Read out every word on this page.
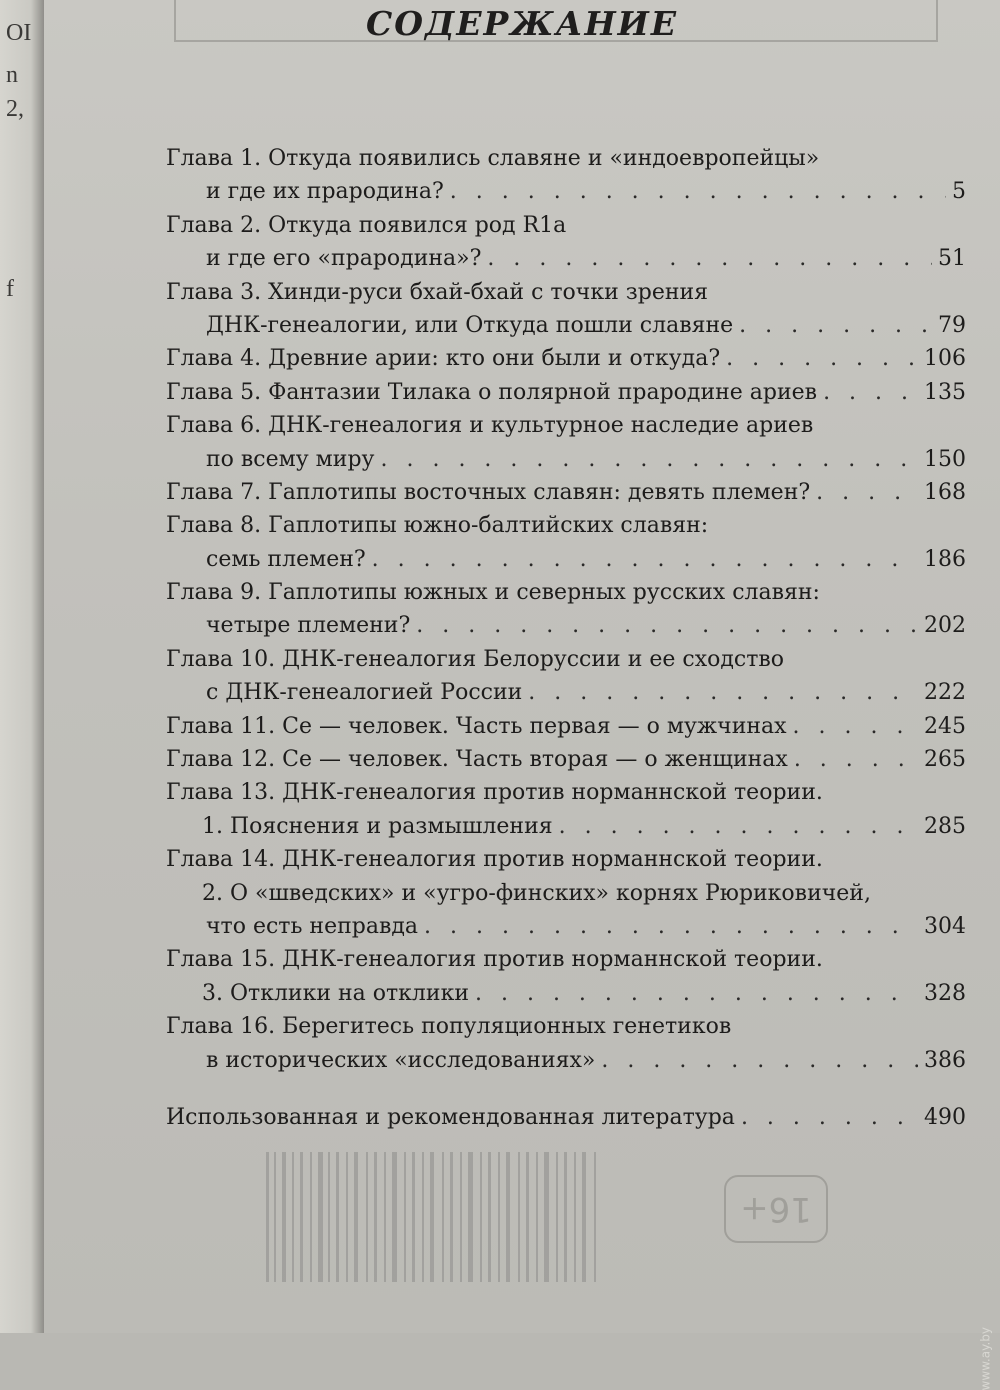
OI
n
2,
f
СОДЕРЖАНИЕ
Глава 1. Откуда появились славяне и «индоевропейцы»
и где их прародина? . . .	5
Глава 2. Откуда появился род R1a
и где его «прародина»? . . .	51
Глава 3. Хинди-руси бхай-бхай с точки зрения
ДНК-генеалогии, или Откуда пошли славяне . . .	79
Глава 4. Древние арии: кто они были и откуда? . . .	106
Глава 5. Фантазии Тилака о полярной прародине ариев . . .	135
Глава 6. ДНК-генеалогия и культурное наследие ариев
по всему миру . . .	150
Глава 7. Гаплотипы восточных славян: девять племен? . . .	168
Глава 8. Гаплотипы южно-балтийских славян:
семь племен? . . .	186
Глава 9. Гаплотипы южных и северных русских славян:
четыре племени? . . .	202
Глава 10. ДНК-генеалогия Белоруссии и ее сходство
с ДНК-генеалогией России . . .	222
Глава 11. Се — человек. Часть первая — о мужчинах . . .	245
Глава 12. Се — человек. Часть вторая — о женщинах . . .	265
Глава 13. ДНК-генеалогия против норманнской теории.
1. Пояснения и размышления . . .	285
Глава 14. ДНК-генеалогия против норманнской теории.
2. О «шведских» и «угро-финских» корнях Рюриковичей,
что есть неправда . . .	304
Глава 15. ДНК-генеалогия против норманнской теории.
3. Отклики на отклики . . .	328
Глава 16. Берегитесь популяционных генетиков
в исторических «исследованиях» . . .	386
Использованная и рекомендованная литература . . .	490
16+
www.ay.by
